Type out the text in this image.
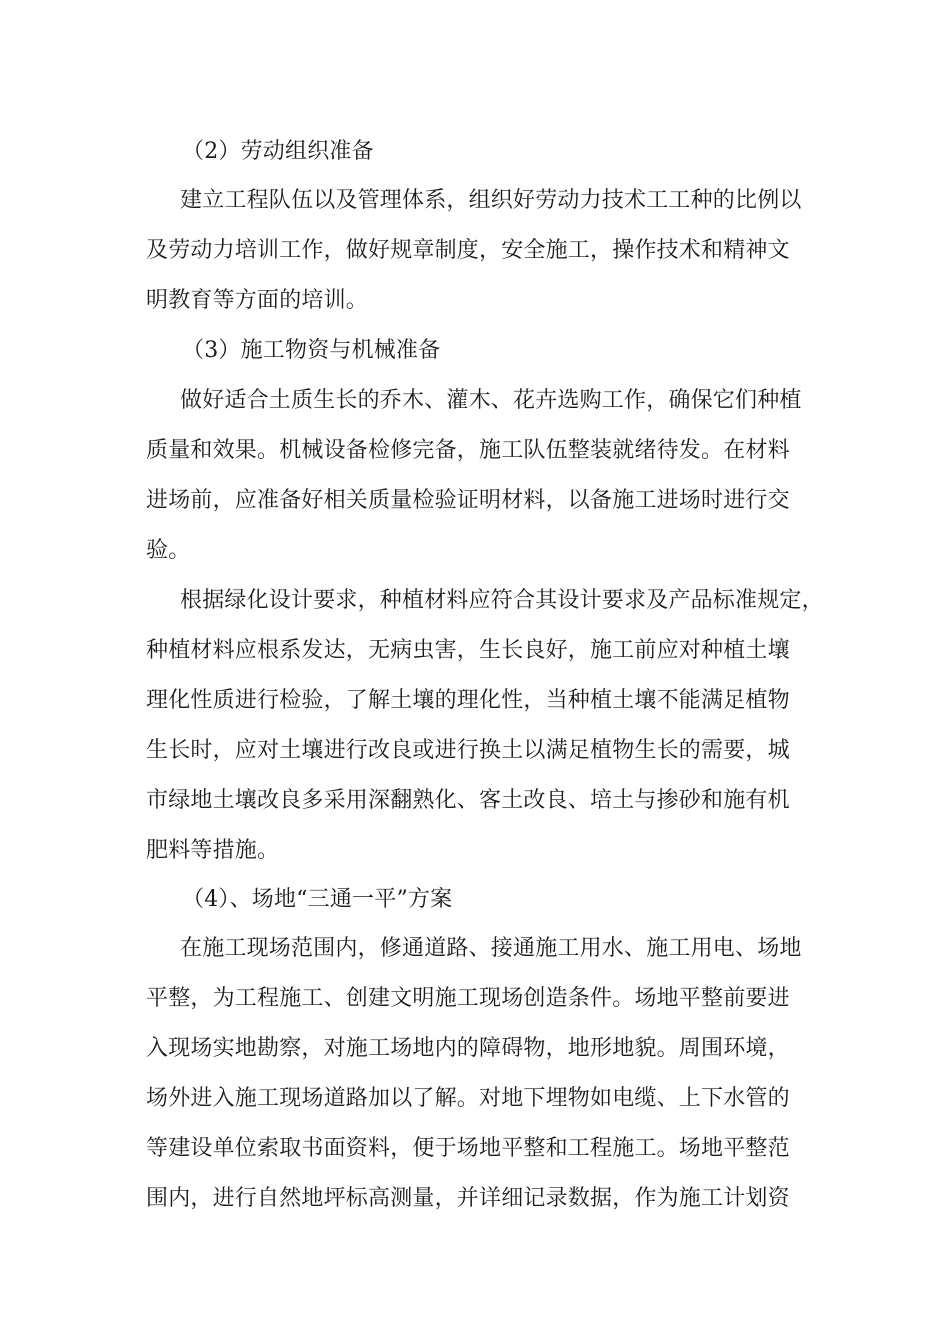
（2）劳动组织准备
建立工程队伍以及管理体系，组织好劳动力技术工工种的比例以
及劳动力培训工作，做好规章制度，安全施工，操作技术和精神文
明教育等方面的培训。
（3）施工物资与机械准备
做好适合土质生长的乔木、灌木、花卉选购工作，确保它们种植
质量和效果。机械设备检修完备，施工队伍整装就绪待发。在材料
进场前，应准备好相关质量检验证明材料，以备施工进场时进行交
验。
根据绿化设计要求，种植材料应符合其设计要求及产品标准规定，
种植材料应根系发达，无病虫害，生长良好，施工前应对种植土壤
理化性质进行检验，了解土壤的理化性，当种植土壤不能满足植物
生长时，应对土壤进行改良或进行换土以满足植物生长的需要，城
市绿地土壤改良多采用深翻熟化、客土改良、培土与掺砂和施有机
肥料等措施。
（4）、场地“三通一平”方案
在施工现场范围内，修通道路、接通施工用水、施工用电、场地
平整，为工程施工、创建文明施工现场创造条件。场地平整前要进
入现场实地勘察，对施工场地内的障碍物，地形地貌。周围环境，
场外进入施工现场道路加以了解。对地下埋物如电缆、上下水管的
等建设单位索取书面资料，便于场地平整和工程施工。场地平整范
围内，进行自然地坪标高测量，并详细记录数据，作为施工计划资
